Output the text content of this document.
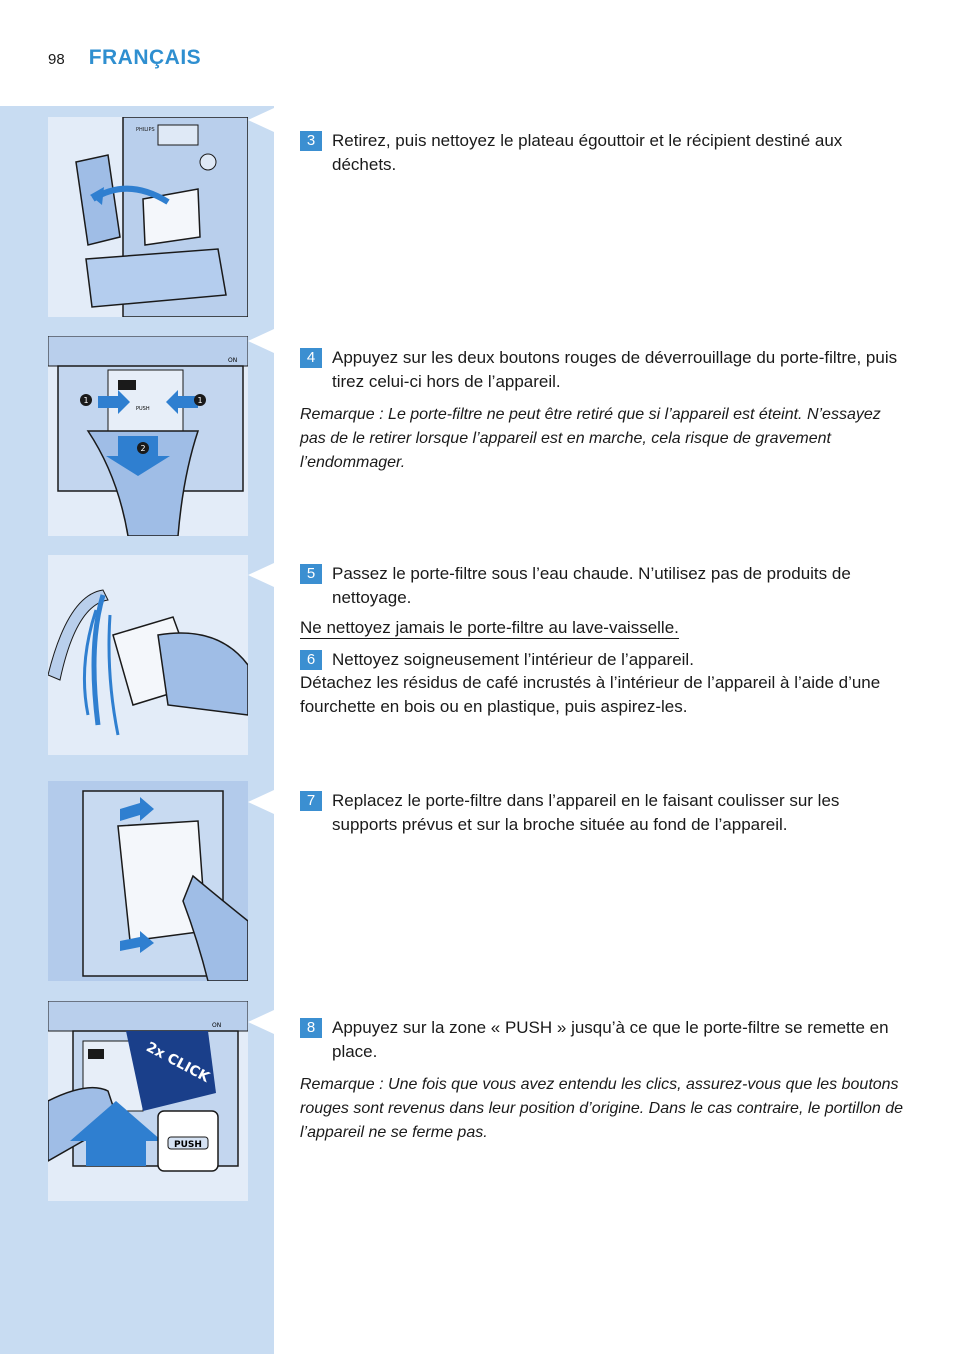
98 FRANÇAIS
PHILIPS
ON
PUSH
1	1
2
ON
2x CLICK
PUSH
3 Retirez, puis nettoyez le plateau égouttoir et le récipient destiné aux déchets.
4 Appuyez sur les deux boutons rouges de déverrouillage du porte-filtre, puis tirez celui-ci hors de l’appareil.
Remarque : Le porte-filtre ne peut être retiré que si l’appareil est éteint. N’essayez pas de le retirer lorsque l’appareil est en marche, cela risque de gravement l’endommager.
5 Passez le porte-filtre sous l’eau chaude. N’utilisez pas de produits de nettoyage.
Ne nettoyez jamais le porte-filtre au lave-vaisselle.
6 Nettoyez soigneusement l’intérieur de l’appareil.
Détachez les résidus de café incrustés à l’intérieur de l’appareil à l’aide d’une fourchette en bois ou en plastique, puis aspirez-les.
7 Replacez le porte-filtre dans l’appareil en le faisant coulisser sur les supports prévus et sur la broche située au fond de l’appareil.
8 Appuyez sur la zone « PUSH » jusqu’à ce que le porte-filtre se remette en place.
Remarque : Une fois que vous avez entendu les clics, assurez-vous que les boutons rouges sont revenus dans leur position d’origine. Dans le cas contraire, le portillon de l’appareil ne se ferme pas.
